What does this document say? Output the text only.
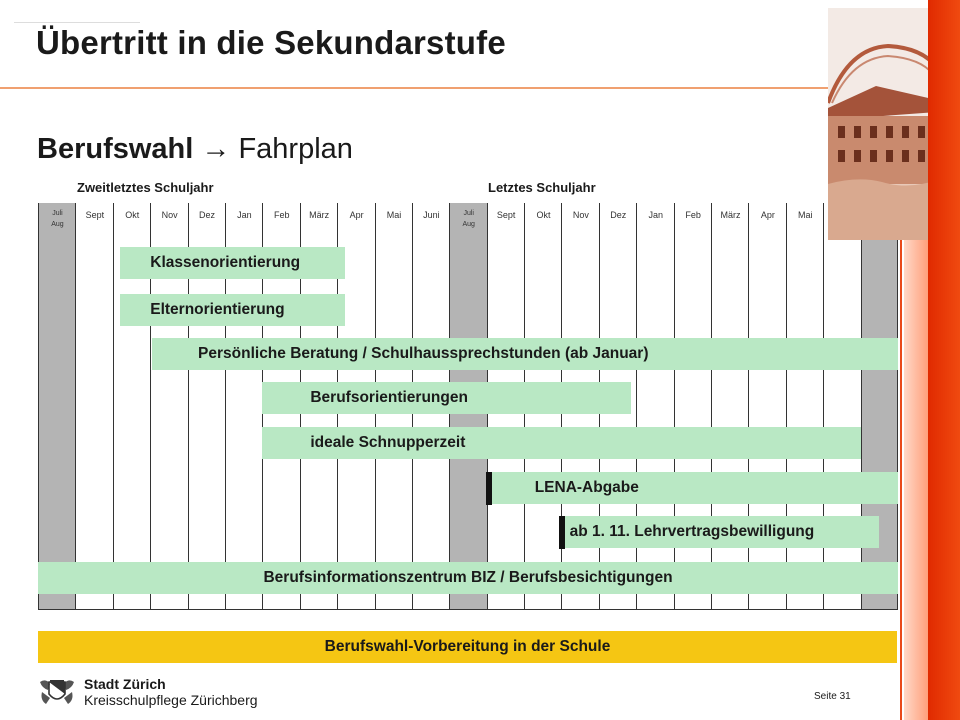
Übertritt in die Sekundarstufe
Berufswahl → Fahrplan
Zweitletztes Schuljahr	Letztes Schuljahr
Juli
Aug
Sept	Okt	Nov	Dez	Jan	Feb	März	Apr	Mai	Juni	Juli
Aug
Sept	Okt	Nov	Dez	Jan	Feb	März	Apr	Mai

Klassenorientierung
Elternorientierung
Persönliche Beratung / Schulhaussprechstunden (ab Januar)
Berufsorientierungen
ideale Schnupperzeit
LENA-Abgabe
ab 1. 11. Lehrvertragsbewilligung
Berufsinformationszentrum BIZ / Berufsbesichtigungen
Berufswahl-Vorbereitung in der Schule
Stadt Zürich
Kreisschulpflege Zürichberg	Seite 31
